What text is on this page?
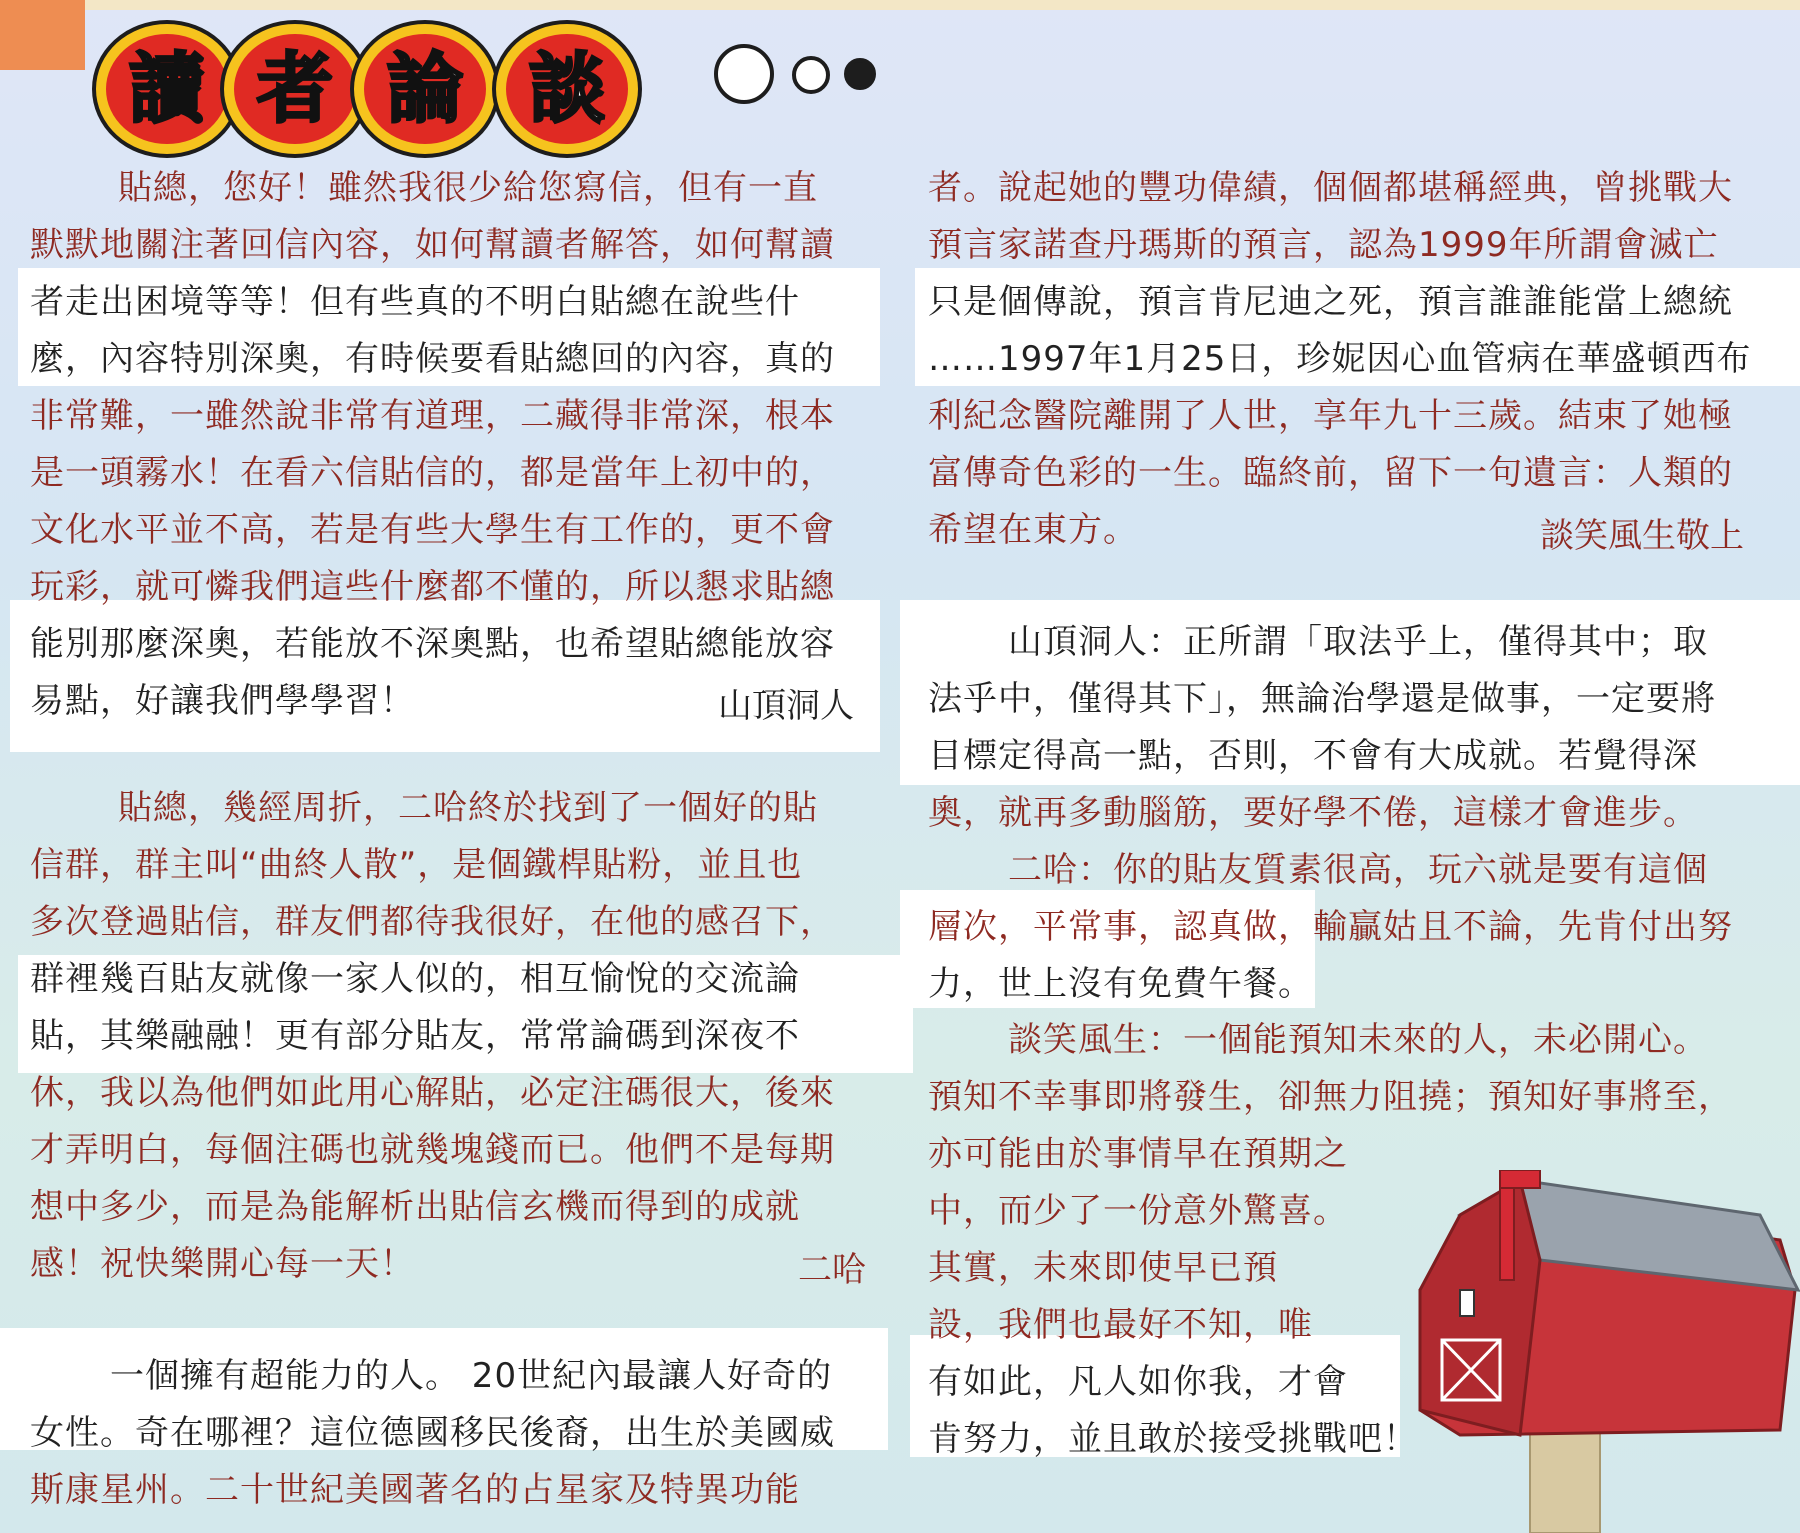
讀 者 論 談
貼總，您好！雖然我很少給您寫信，但有一直
默默地關注著回信內容，如何幫讀者解答，如何幫讀
者走出困境等等！但有些真的不明白貼總在說些什
麼，內容特別深奧，有時候要看貼總回的內容，真的
非常難，一雖然說非常有道理，二藏得非常深，根本
是一頭霧水！在看六信貼信的，都是當年上初中的，
文化水平並不高，若是有些大學生有工作的，更不會
玩彩，就可憐我們這些什麼都不懂的，所以懇求貼總
能別那麼深奧，若能放不深奧點，也希望貼總能放容
易點，好讓我們學學習！	山頂洞人
貼總，幾經周折，二哈終於找到了一個好的貼
信群，群主叫“曲終人散”，是個鐵桿貼粉，並且也
多次登過貼信，群友們都待我很好，在他的感召下，
群裡幾百貼友就像一家人似的，相互愉悅的交流論
貼，其樂融融！更有部分貼友，常常論碼到深夜不
休，我以為他們如此用心解貼，必定注碼很大，後來
才弄明白，每個注碼也就幾塊錢而已。他們不是每期
想中多少，而是為能解析出貼信玄機而得到的成就
感！祝快樂開心每一天！	二哈
一個擁有超能力的人。 20世紀內最讓人好奇的
女性。奇在哪裡？這位德國移民後裔，出生於美國威
斯康星州。二十世紀美國著名的占星家及特異功能
者。說起她的豐功偉績，個個都堪稱經典，曾挑戰大
預言家諾查丹瑪斯的預言，認為1999年所謂會滅亡
只是個傳說，預言肯尼迪之死，預言誰誰能當上總統
……1997年1月25日，珍妮因心血管病在華盛頓西布
利紀念醫院離開了人世，享年九十三歲。結束了她極
富傳奇色彩的一生。臨終前，留下一句遺言：人類的
希望在東方。	談笑風生敬上
山頂洞人：正所謂「取法乎上，僅得其中；取
法乎中，僅得其下」，無論治學還是做事，一定要將
目標定得高一點，否則，不會有大成就。若覺得深
奧，就再多動腦筋，要好學不倦，這樣才會進步。
二哈：你的貼友質素很高，玩六就是要有這個
層次，平常事，認真做，輸贏姑且不論，先肯付出努
力，世上沒有免費午餐。
談笑風生：一個能預知未來的人，未必開心。
預知不幸事即將發生，卻無力阻撓；預知好事將至，
亦可能由於事情早在預期之
中，而少了一份意外驚喜。
其實，未來即使早已預
設，我們也最好不知，唯
有如此，凡人如你我，才會
肯努力，並且敢於接受挑戰吧！
